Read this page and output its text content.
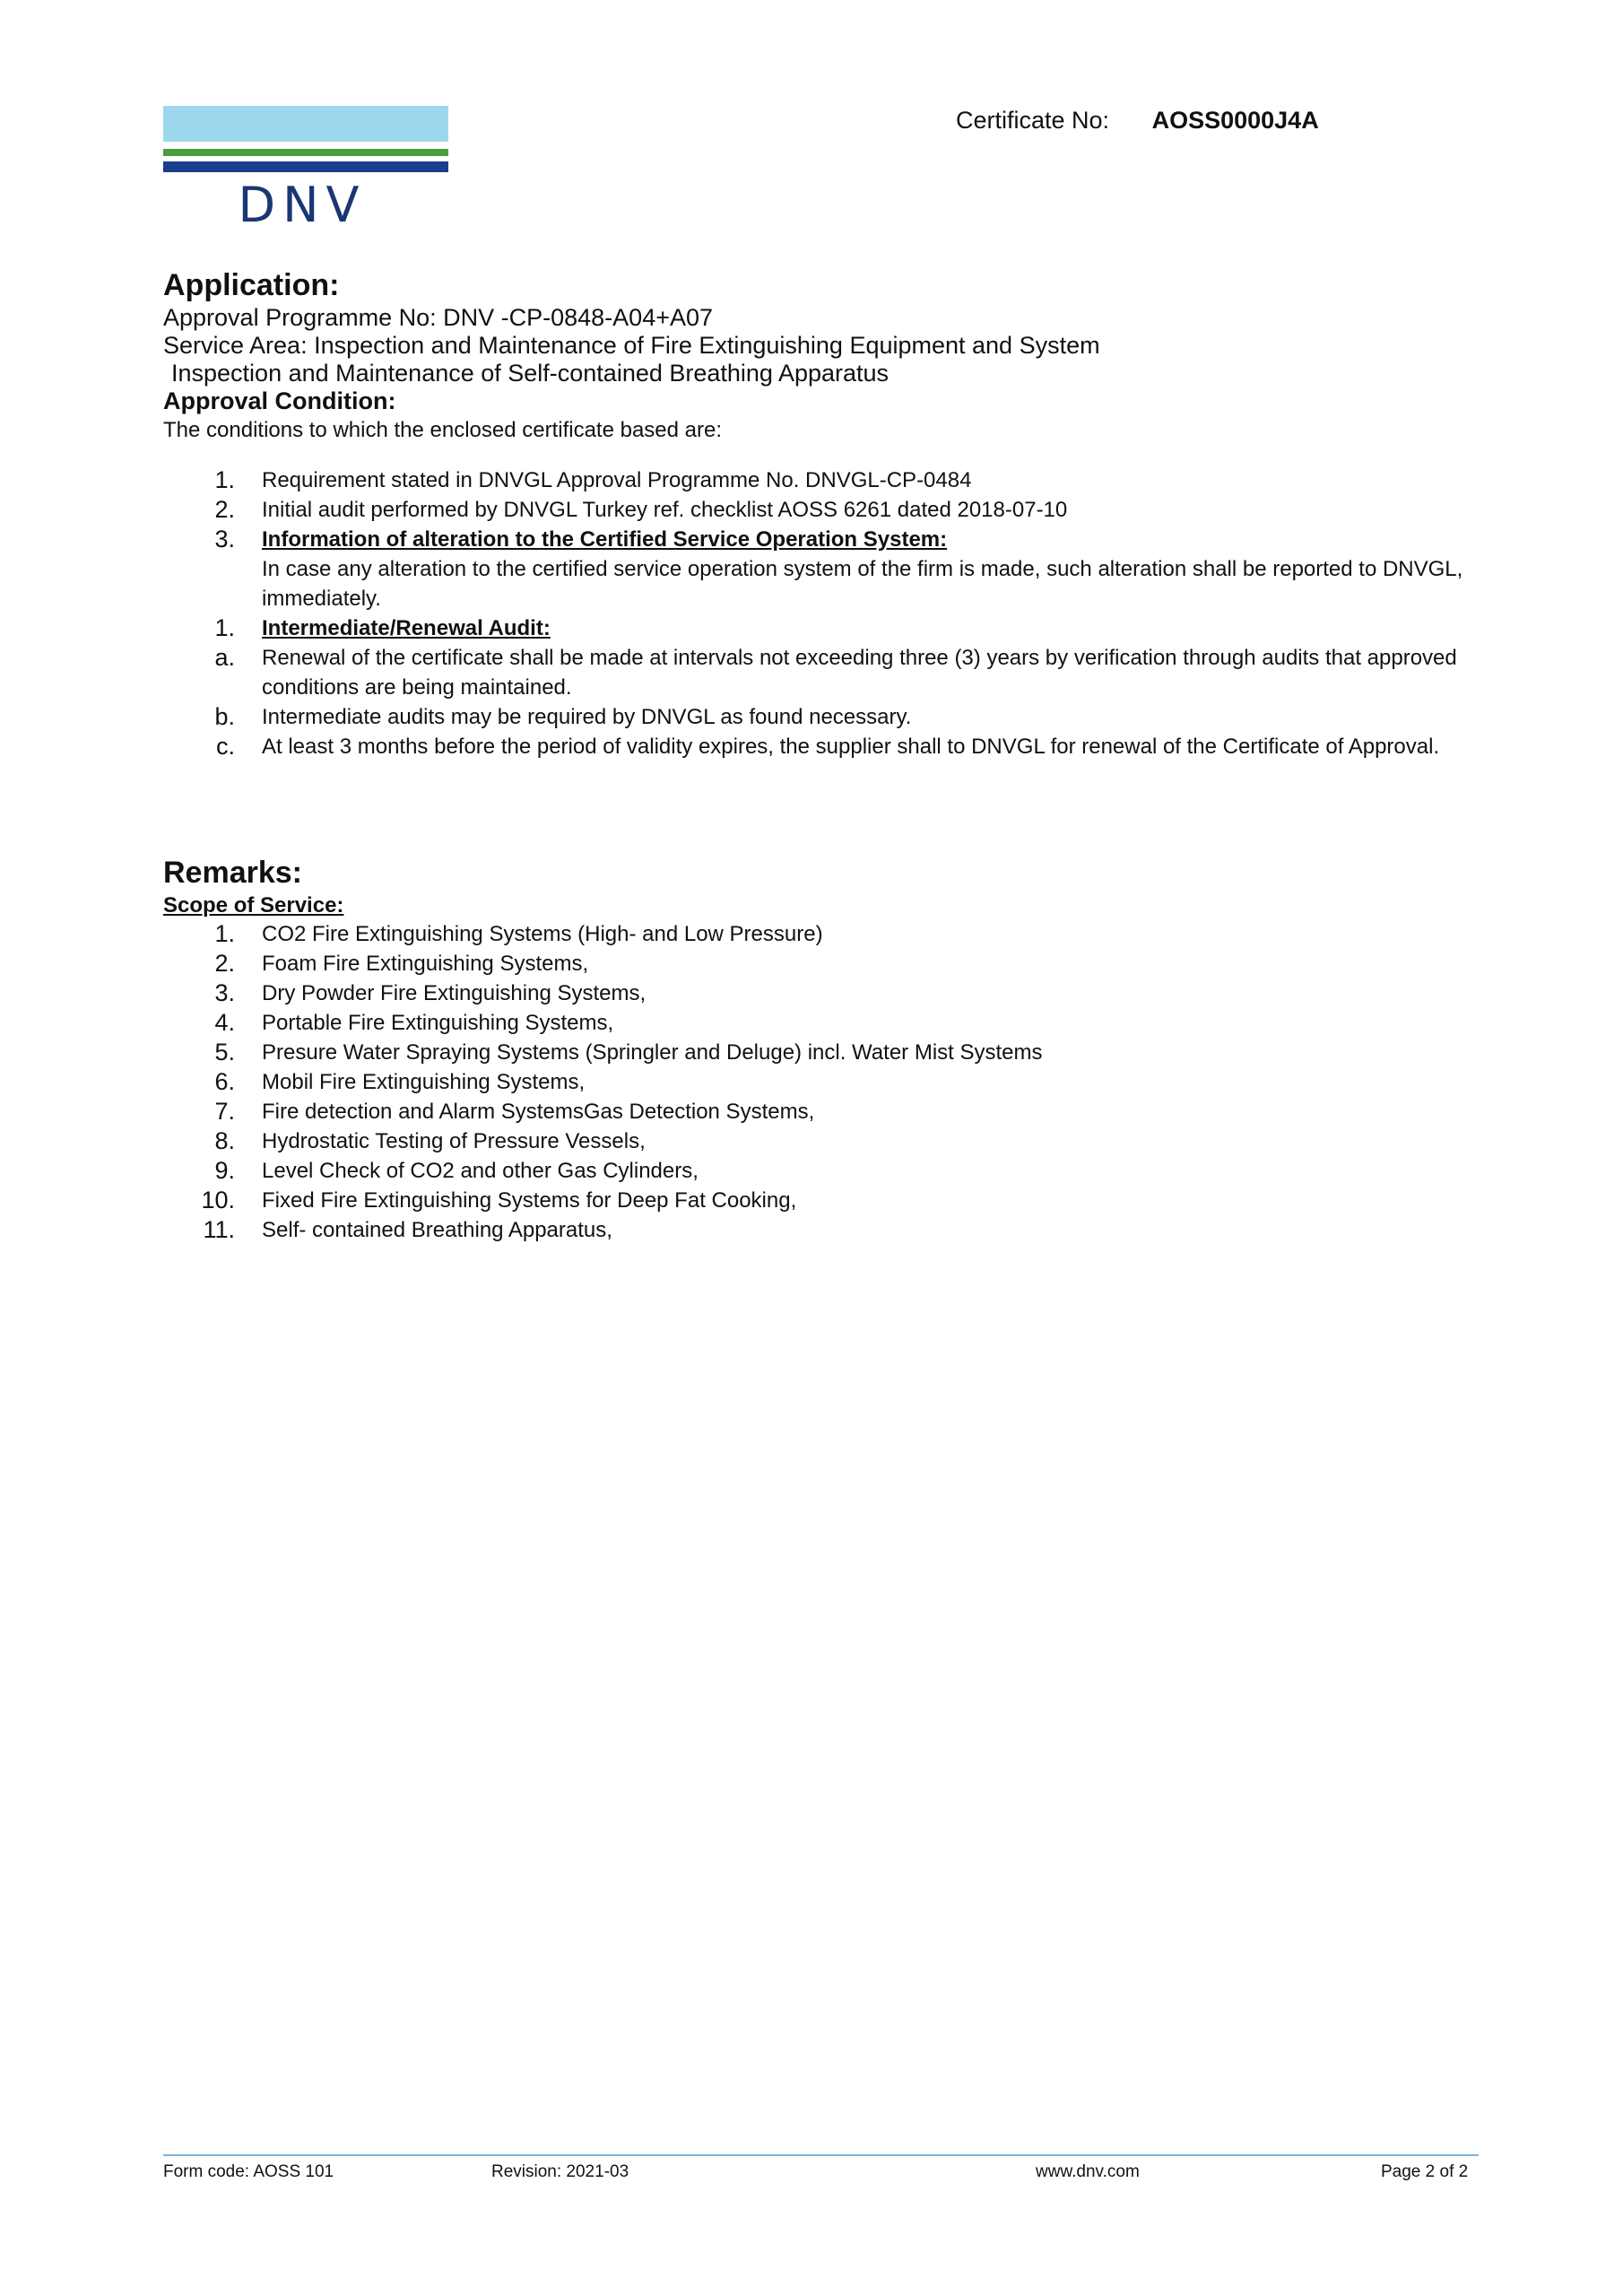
DNV
Certificate No: AOSS0000J4A
Application:
Approval Programme No: DNV -CP-0848-A04+A07
Service Area: Inspection and Maintenance of Fire Extinguishing Equipment and System
Inspection and Maintenance of Self-contained Breathing Apparatus
Approval Condition:
The conditions to which the enclosed certificate based are:
1. Requirement stated in DNVGL Approval Programme No. DNVGL-CP-0484
2. Initial audit performed by DNVGL Turkey ref. checklist AOSS 6261 dated 2018-07-10
3. Information of alteration to the Certified Service Operation System:
In case any alteration to the certified service operation system of the firm is made, such alteration shall be reported to DNVGL, immediately.
1. Intermediate/Renewal Audit:
a. Renewal of the certificate shall be made at intervals not exceeding three (3) years by verification through audits that approved conditions are being maintained.
b. Intermediate audits may be required by DNVGL as found necessary.
c. At least 3 months before the period of validity expires, the supplier shall to DNVGL for renewal of the Certificate of Approval.
Remarks:
Scope of Service:
1. CO2 Fire Extinguishing Systems (High- and Low Pressure)
2. Foam Fire Extinguishing Systems,
3. Dry Powder Fire Extinguishing Systems,
4. Portable Fire Extinguishing Systems,
5. Presure Water Spraying Systems (Springler and Deluge) incl. Water Mist Systems
6. Mobil Fire Extinguishing Systems,
7. Fire detection and Alarm SystemsGas Detection Systems,
8. Hydrostatic Testing of Pressure Vessels,
9. Level Check of CO2 and other Gas Cylinders,
10. Fixed Fire Extinguishing Systems for Deep Fat Cooking,
11. Self- contained Breathing Apparatus,
Form code: AOSS 101	Revision: 2021-03	www.dnv.com	Page 2 of 2
